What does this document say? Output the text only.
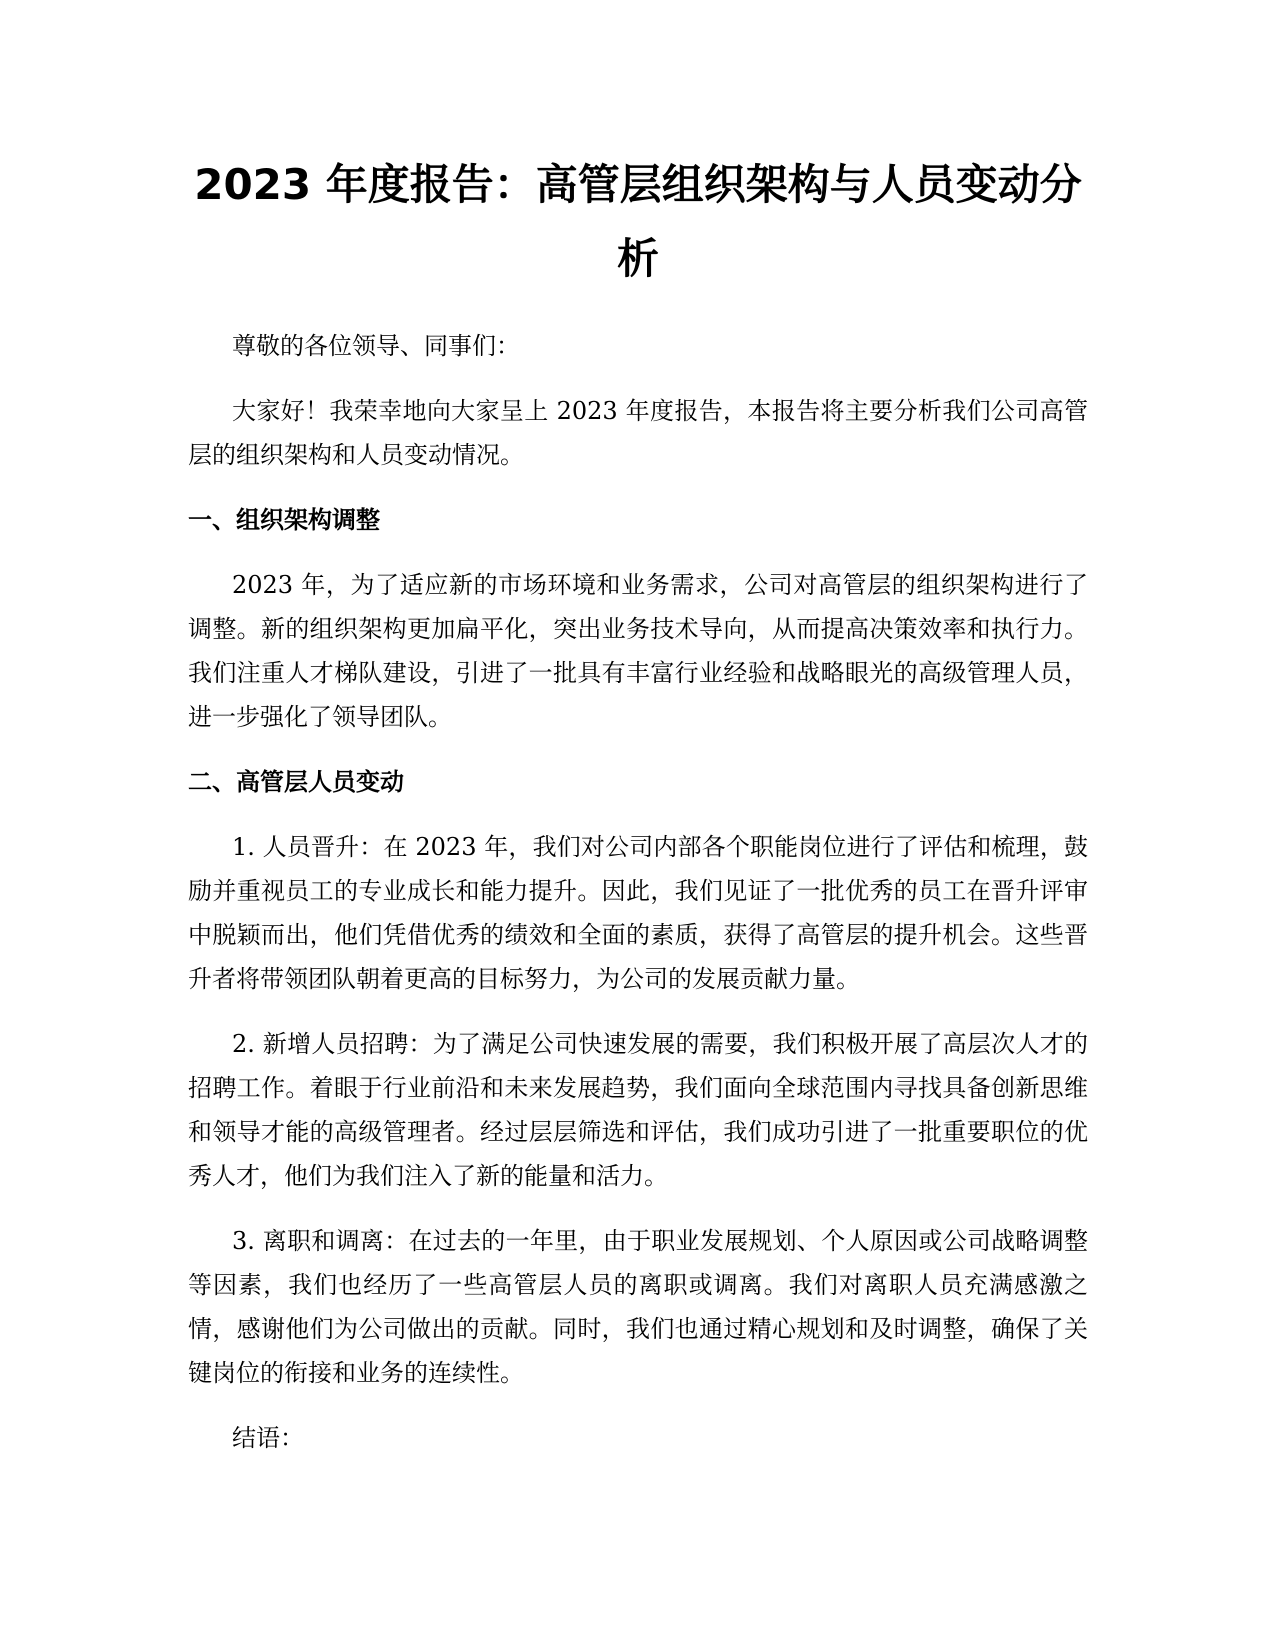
2023 年度报告：高管层组织架构与人员变动分析

尊敬的各位领导、同事们：

大家好！我荣幸地向大家呈上 2023 年度报告，本报告将主要分析我们公司高管层的组织架构和人员变动情况。

一、组织架构调整

2023 年，为了适应新的市场环境和业务需求，公司对高管层的组织架构进行了调整。新的组织架构更加扁平化，突出业务技术导向，从而提高决策效率和执行力。我们注重人才梯队建设，引进了一批具有丰富行业经验和战略眼光的高级管理人员，进一步强化了领导团队。

二、高管层人员变动

1. 人员晋升：在 2023 年，我们对公司内部各个职能岗位进行了评估和梳理，鼓励并重视员工的专业成长和能力提升。因此，我们见证了一批优秀的员工在晋升评审中脱颖而出，他们凭借优秀的绩效和全面的素质，获得了高管层的提升机会。这些晋升者将带领团队朝着更高的目标努力，为公司的发展贡献力量。

2. 新增人员招聘：为了满足公司快速发展的需要，我们积极开展了高层次人才的招聘工作。着眼于行业前沿和未来发展趋势，我们面向全球范围内寻找具备创新思维和领导才能的高级管理者。经过层层筛选和评估，我们成功引进了一批重要职位的优秀人才，他们为我们注入了新的能量和活力。

3. 离职和调离：在过去的一年里，由于职业发展规划、个人原因或公司战略调整等因素，我们也经历了一些高管层人员的离职或调离。我们对离职人员充满感激之情，感谢他们为公司做出的贡献。同时，我们也通过精心规划和及时调整，确保了关键岗位的衔接和业务的连续性。

结语：
